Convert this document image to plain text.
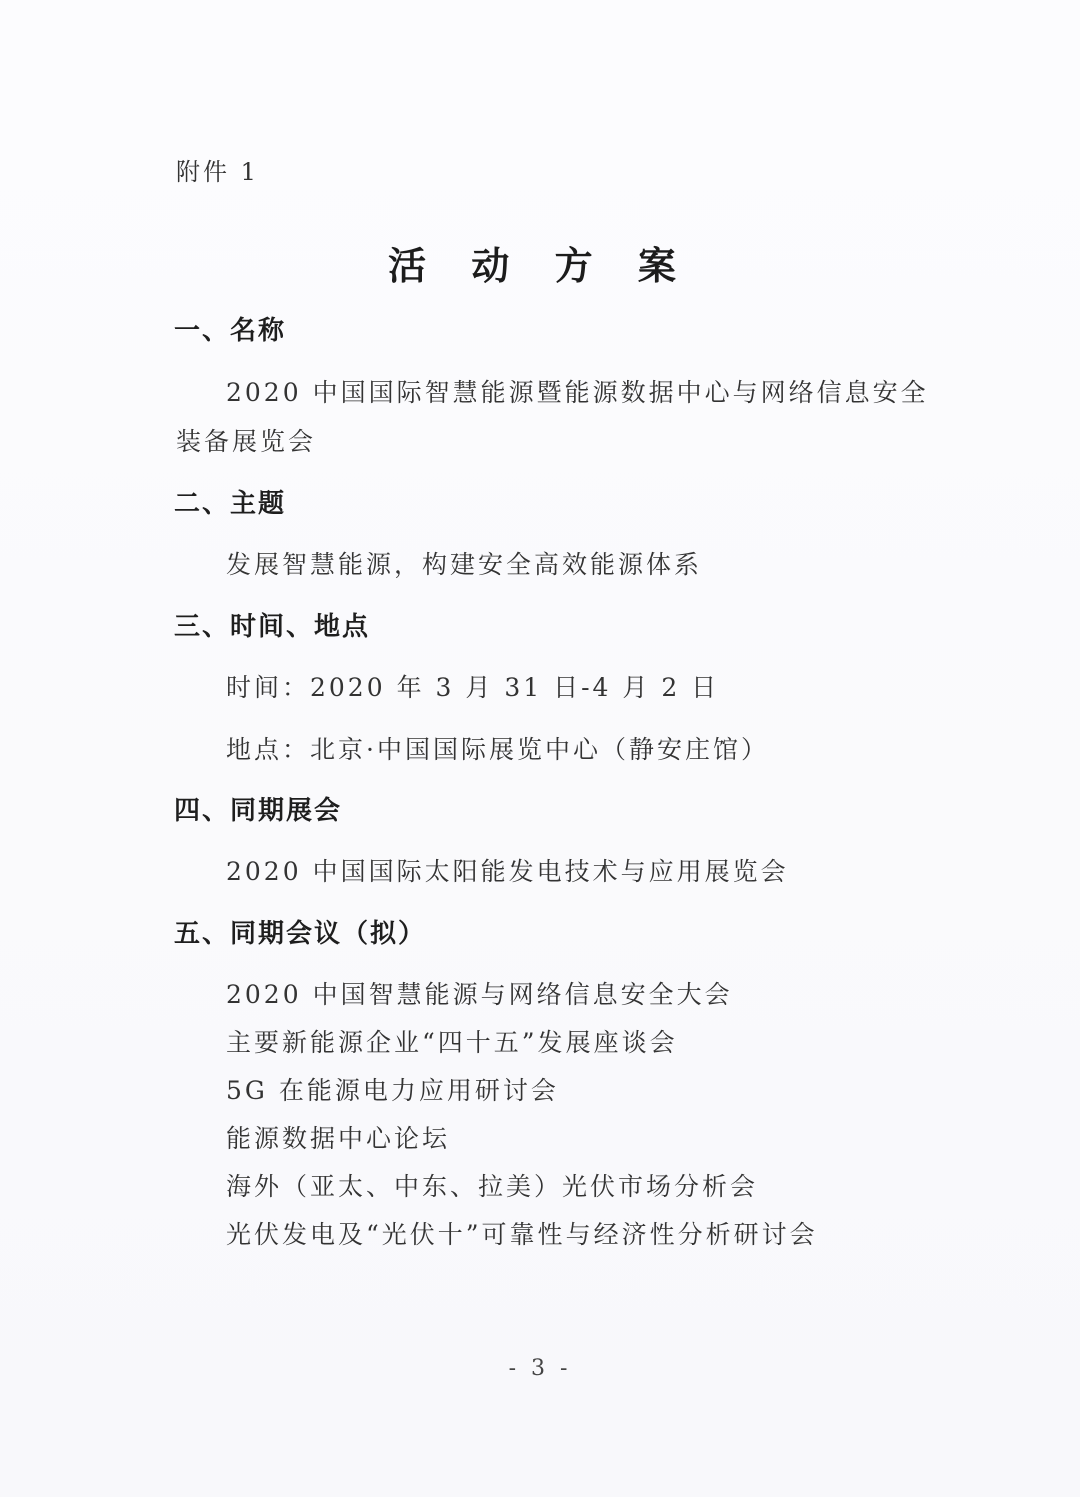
附件 1
活 动 方 案
一、名称
2020 中国国际智慧能源暨能源数据中心与网络信息安全
装备展览会
二、主题
发展智慧能源，构建安全高效能源体系
三、时间、地点
时间：2020 年 3 月 31 日-4 月 2 日
地点：北京·中国国际展览中心（静安庄馆）
四、同期展会
2020 中国国际太阳能发电技术与应用展览会
五、同期会议（拟）
2020 中国智慧能源与网络信息安全大会
主要新能源企业“四十五”发展座谈会
5G 在能源电力应用研讨会
能源数据中心论坛
海外（亚太、中东、拉美）光伏市场分析会
光伏发电及“光伏十”可靠性与经济性分析研讨会
- 3 -
